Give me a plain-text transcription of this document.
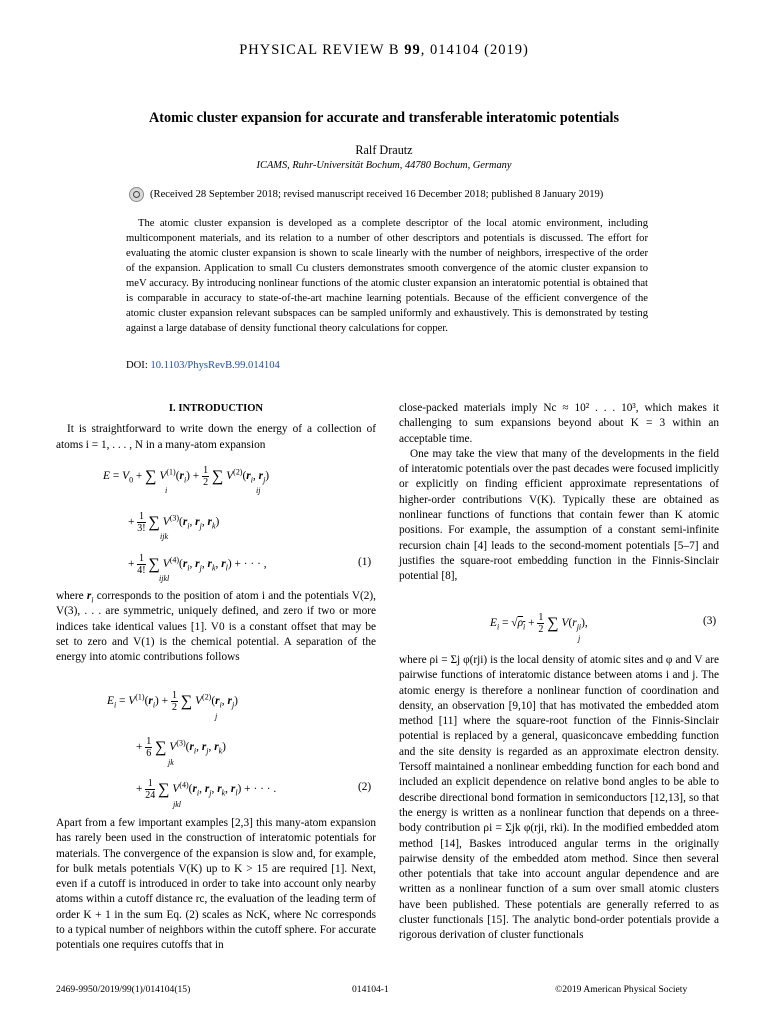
PHYSICAL REVIEW B 99, 014104 (2019)
Atomic cluster expansion for accurate and transferable interatomic potentials
Ralf Drautz
ICAMS, Ruhr-Universität Bochum, 44780 Bochum, Germany
(Received 28 September 2018; revised manuscript received 16 December 2018; published 8 January 2019)
The atomic cluster expansion is developed as a complete descriptor of the local atomic environment, including multicomponent materials, and its relation to a number of other descriptors and potentials is discussed. The effort for evaluating the atomic cluster expansion is shown to scale linearly with the number of neighbors, irrespective of the order of the expansion. Application to small Cu clusters demonstrates smooth convergence of the atomic cluster expansion to meV accuracy. By introducing nonlinear functions of the atomic cluster expansion an interatomic potential is obtained that is comparable in accuracy to state-of-the-art machine learning potentials. Because of the efficient convergence of the atomic cluster expansion relevant subspaces can be sampled uniformly and exhaustively. This is demonstrated by testing against a large database of density functional theory calculations for copper.
DOI: 10.1103/PhysRevB.99.014104

I. INTRODUCTION

It is straightforward to write down the energy of a collection of atoms i = 1, . . . , N in a many-atom expansion

$E = V_0$ + ∑ $V^{(1)}(r_i) + \frac{1}{2}$ ∑ $V^{(2)}(r_i$, $r_j$)
i	ij
+ $\frac{1}{3!}$ ∑ $V^{(3)}(r_i$, $r_j$, $r_k$)
ijk
+ $\frac{1}{4!}$ ∑ $V^{(4)}(r_i$, $r_j$, $r_k$, $r_l$) + · · · ,
ijkl
(1)

where $r_i$ corresponds to the position of atom i and the potentials V(2), V(3), . . . are symmetric, uniquely defined, and zero if two or more indices take identical values [1]. V0 is a constant offset that may be set to zero and V(1) is the chemical potential. A separation of the energy into atomic contributions follows

$E_i = V^{(1)}(r_i) + \frac{1}{2}$ ∑ $V^{(2)}(r_i$, $r_j$)
j
+ $\frac{1}{6}$ ∑ $V^{(3)}(r_i$, $r_j$, $r_k$)
jk
+ $\frac{1}{24}$ ∑ $V^{(4)}(r_i$, $r_j$, $r_k$, $r_l$) + · · · .
jkl
(2)

Apart from a few important examples [2,3] this many-atom expansion has rarely been used in the construction of interatomic potentials for materials. The convergence of the expansion is slow and, for example, for bulk metals potentials V(K) up to K > 15 are required [1]. Next, even if a cutoff is introduced in order to take into account only nearby atoms within a cutoff distance rc, the evaluation of the leading term of order K + 1 in the sum Eq. (2) scales as NcK, where Nc corresponds to a typical number of neighbors within the cutoff sphere. For accurate potentials one requires cutoffs that in

close-packed materials imply Nc ≈ 10² . . . 10³, which makes it challenging to sum expansions beyond about K = 3 within an acceptable time.

One may take the view that many of the developments in the field of interatomic potentials over the past decades were focused implicitly or explicitly on finding efficient approximate representations of higher-order contributions V(K). Typically these are obtained as nonlinear functions of functions that contain fewer than K atomic positions. For example, the assumption of a constant semi-infinite recursion chain [4] leads to the second-moment potentials [5–7] and justifies the square-root embedding function in the Finnis-Sinclair potential [8],

$E_i = √\rho_i + \frac{1}{2}$ ∑ $V(r_{ji})$,
j
(3)

where ρi = Σj φ(rji) is the local density of atomic sites and φ and V are pairwise functions of interatomic distance between atoms i and j. The atomic energy is therefore a nonlinear function of coordination and density, an observation [9,10] that has motivated the embedded atom method [11] where the square-root function of the Finnis-Sinclair potential is replaced by a general, quasiconcave embedding function and the site density is regarded as an approximate electron density. Tersoff maintained a nonlinear embedding function for each bond and included an explicit dependence on relative bond angles to be able to describe directional bond formation in semiconductors [12,13], so that the energy is written as a nonlinear function that depends on a three-body contribution ρi = Σjk φ(rji, rki). In the modified embedded atom method [14], Baskes introduced angular terms in the originally pairwise density of the embedded atom method. Since then several other potentials that take into account angular dependence and are written as a nonlinear function of a sum over small atomic clusters have been published. These potentials are generally referred to as cluster functionals [15]. The analytic bond-order potentials provide a rigorous derivation of cluster functionals

2469-9950/2019/99(1)/014104(15)	014104-1	©2019 American Physical Society
